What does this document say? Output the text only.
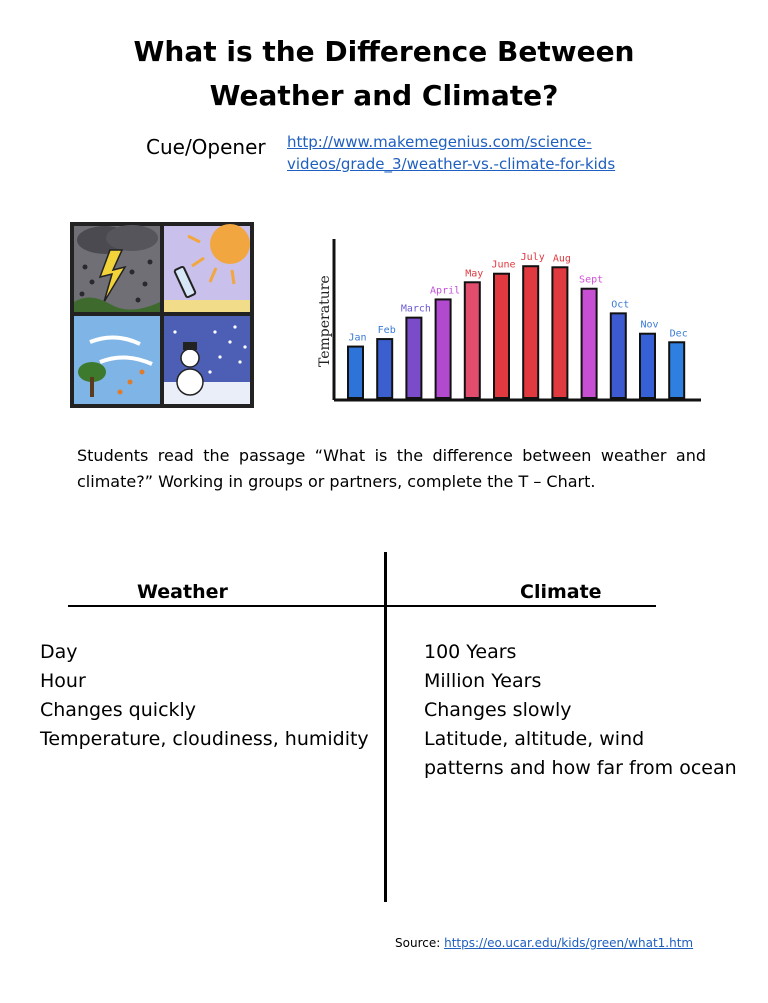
What is the Difference Between
Weather and Climate?
Cue/Opener http://www.makemegenius.com/science-
videos/grade_3/weather-vs.-climate-for-kids
Temperature Jan
Feb
March
April
May
June
July Aug
Sept
Oct
Nov
Dec
Students read the passage “What is the difference between weather and climate?” Working in groups or partners, complete the T – Chart.
Weather	Climate
Day
Hour
Changes quickly
Temperature, cloudiness, humidity
100 Years
Million Years
Changes slowly
Latitude, altitude, wind
patterns and how far from ocean
Source: https://eo.ucar.edu/kids/green/what1.htm
